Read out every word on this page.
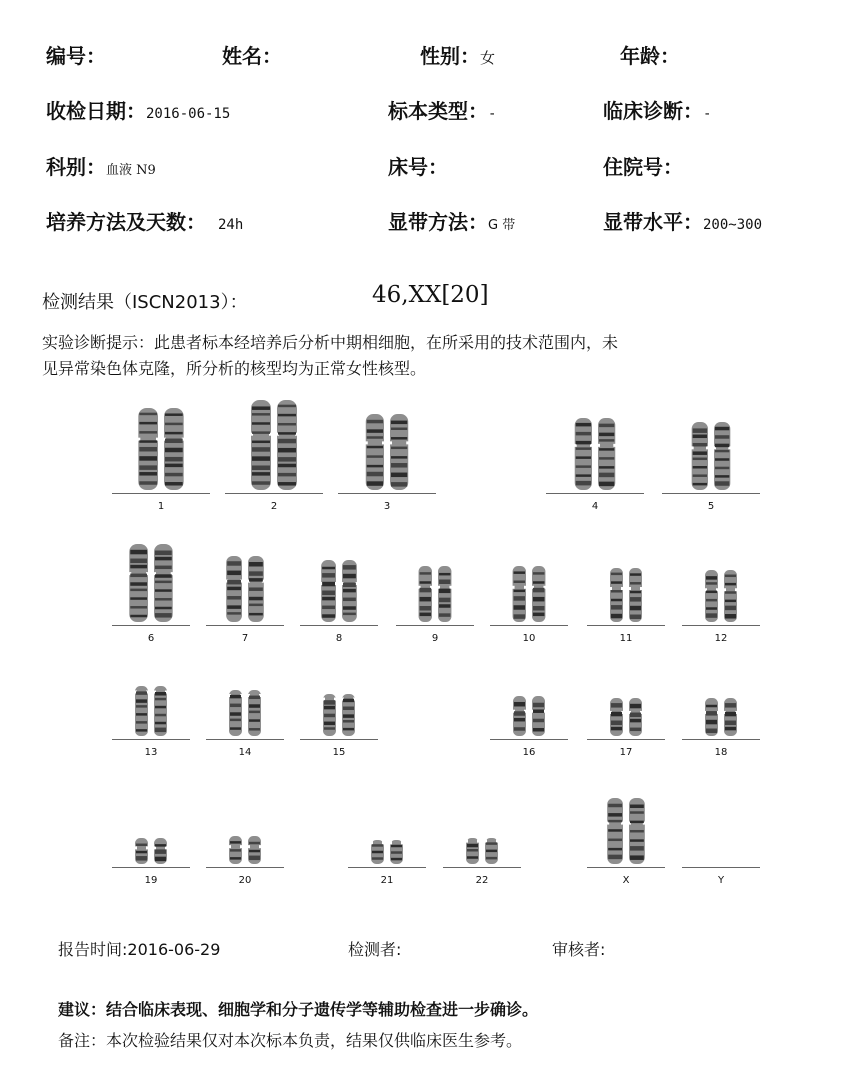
编号：	姓名：	性别：女	年龄：
收检日期：2016-06-15	标本类型：-	临床诊断：-
科别：血液 N9	床号：	住院号：
培养方法及天数： 24h	显带方法：G 带	显带水平：200~300
检测结果（ISCN2013）：	46,XX[20]
实验诊断提示：此患者标本经培养后分析中期相细胞，在所采用的技术范围内，未
见异常染色体克隆，所分析的核型均为正常女性核型。
1	2	3	4	5
6	7	8	9	10	11	12
13	14	15	16	17	18
19	20	21	22	X	Y
报告时间:2016-06-29	检测者:	审核者:
建议：结合临床表现、细胞学和分子遗传学等辅助检查进一步确诊。
备注：本次检验结果仅对本次标本负责，结果仅供临床医生参考。
